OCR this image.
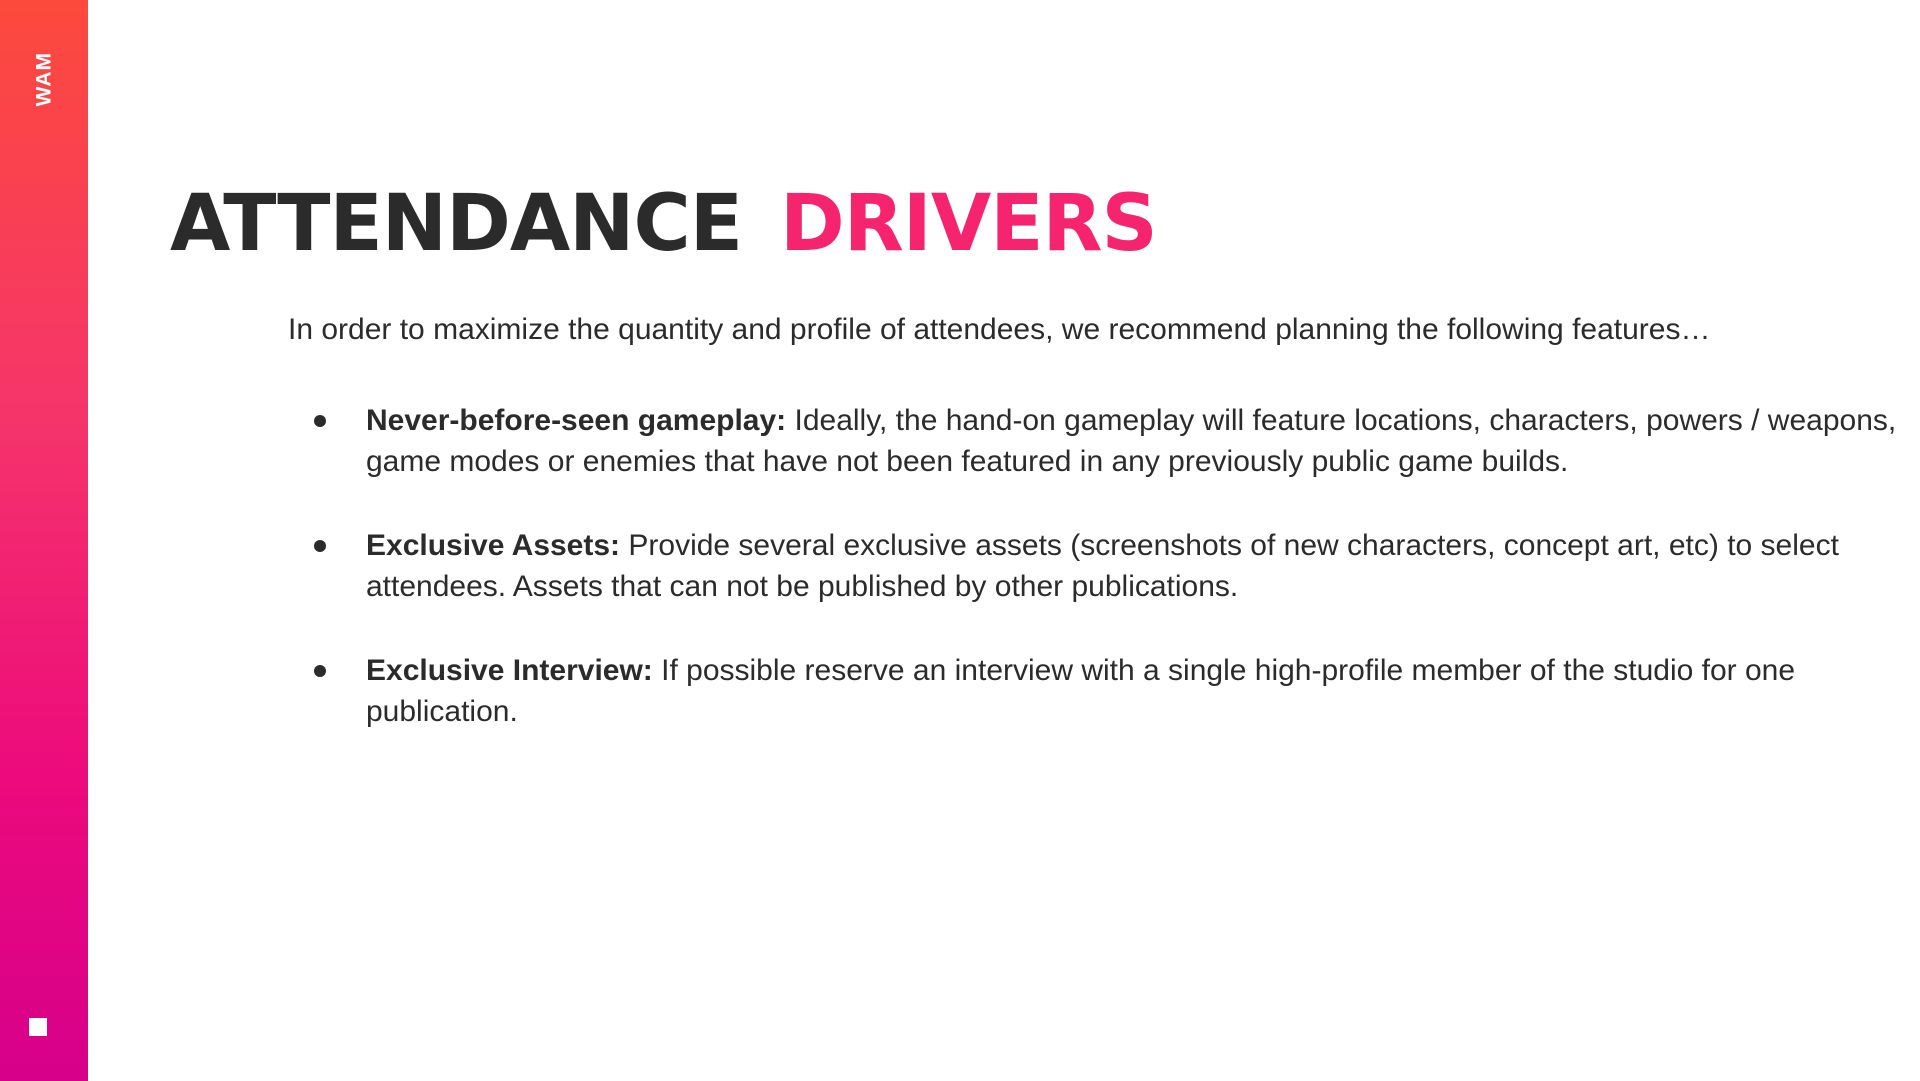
WAM
ATTENDANCE DRIVERS

In order to maximize the quantity and profile of attendees, we recommend planning the following features…

Never-before-seen gameplay: Ideally, the hand-on gameplay will feature locations, characters, powers / weapons, game modes or enemies that have not been featured in any previously public game builds.
Exclusive Assets: Provide several exclusive assets (screenshots of new characters, concept art, etc) to select attendees. Assets that can not be published by other publications.
Exclusive Interview: If possible reserve an interview with a single high-profile member of the studio for one publication.
